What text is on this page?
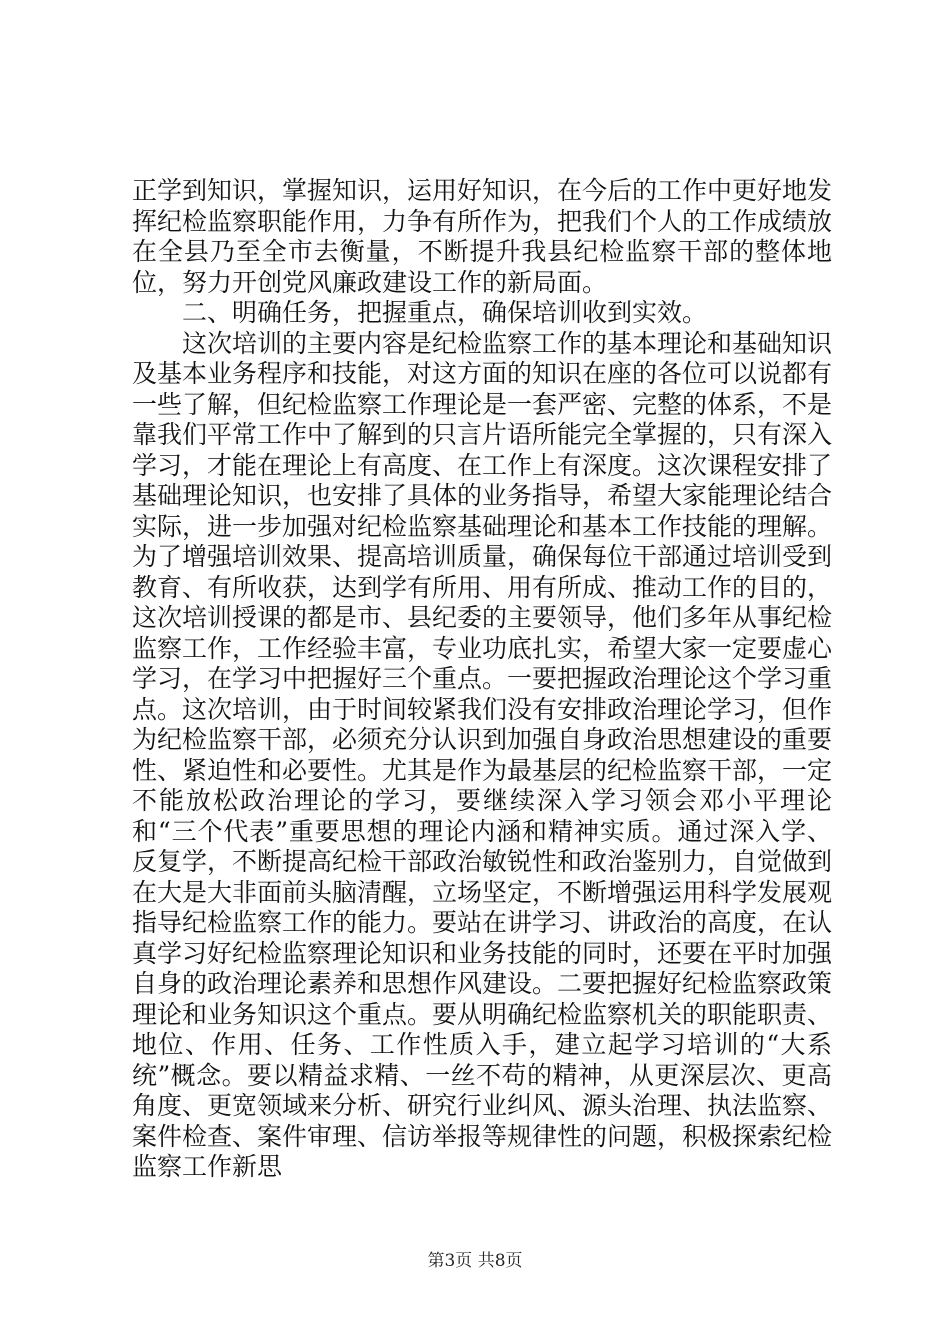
正学到知识，掌握知识，运用好知识，在今后的工作中更好地发挥纪检监察职能作用，力争有所作为，把我们个人的工作成绩放在全县乃至全市去衡量，不断提升我县纪检监察干部的整体地位，努力开创党风廉政建设工作的新局面。

二、明确任务，把握重点，确保培训收到实效。

这次培训的主要内容是纪检监察工作的基本理论和基础知识及基本业务程序和技能，对这方面的知识在座的各位可以说都有一些了解，但纪检监察工作理论是一套严密、完整的体系，不是靠我们平常工作中了解到的只言片语所能完全掌握的，只有深入学习，才能在理论上有高度、在工作上有深度。这次课程安排了基础理论知识，也安排了具体的业务指导，希望大家能理论结合实际，进一步加强对纪检监察基础理论和基本工作技能的理解。为了增强培训效果、提高培训质量，确保每位干部通过培训受到教育、有所收获，达到学有所用、用有所成、推动工作的目的，这次培训授课的都是市、县纪委的主要领导，他们多年从事纪检监察工作，工作经验丰富，专业功底扎实，希望大家一定要虚心学习，在学习中把握好三个重点。一要把握政治理论这个学习重点。这次培训，由于时间较紧我们没有安排政治理论学习，但作为纪检监察干部，必须充分认识到加强自身政治思想建设的重要性、紧迫性和必要性。尤其是作为最基层的纪检监察干部，一定不能放松政治理论的学习，要继续深入学习领会邓小平理论和“三个代表”重要思想的理论内涵和精神实质。通过深入学、反复学，不断提高纪检干部政治敏锐性和政治鉴别力，自觉做到在大是大非面前头脑清醒，立场坚定，不断增强运用科学发展观指导纪检监察工作的能力。要站在讲学习、讲政治的高度，在认真学习好纪检监察理论知识和业务技能的同时，还要在平时加强自身的政治理论素养和思想作风建设。二要把握好纪检监察政策理论和业务知识这个重点。要从明确纪检监察机关的职能职责、地位、作用、任务、工作性质入手，建立起学习培训的“大系统”概念。要以精益求精、一丝不苟的精神，从更深层次、更高角度、更宽领域来分析、研究行业纠风、源头治理、执法监察、案件检查、案件审理、信访举报等规律性的问题，积极探索纪检监察工作新思

第3页 共8页
